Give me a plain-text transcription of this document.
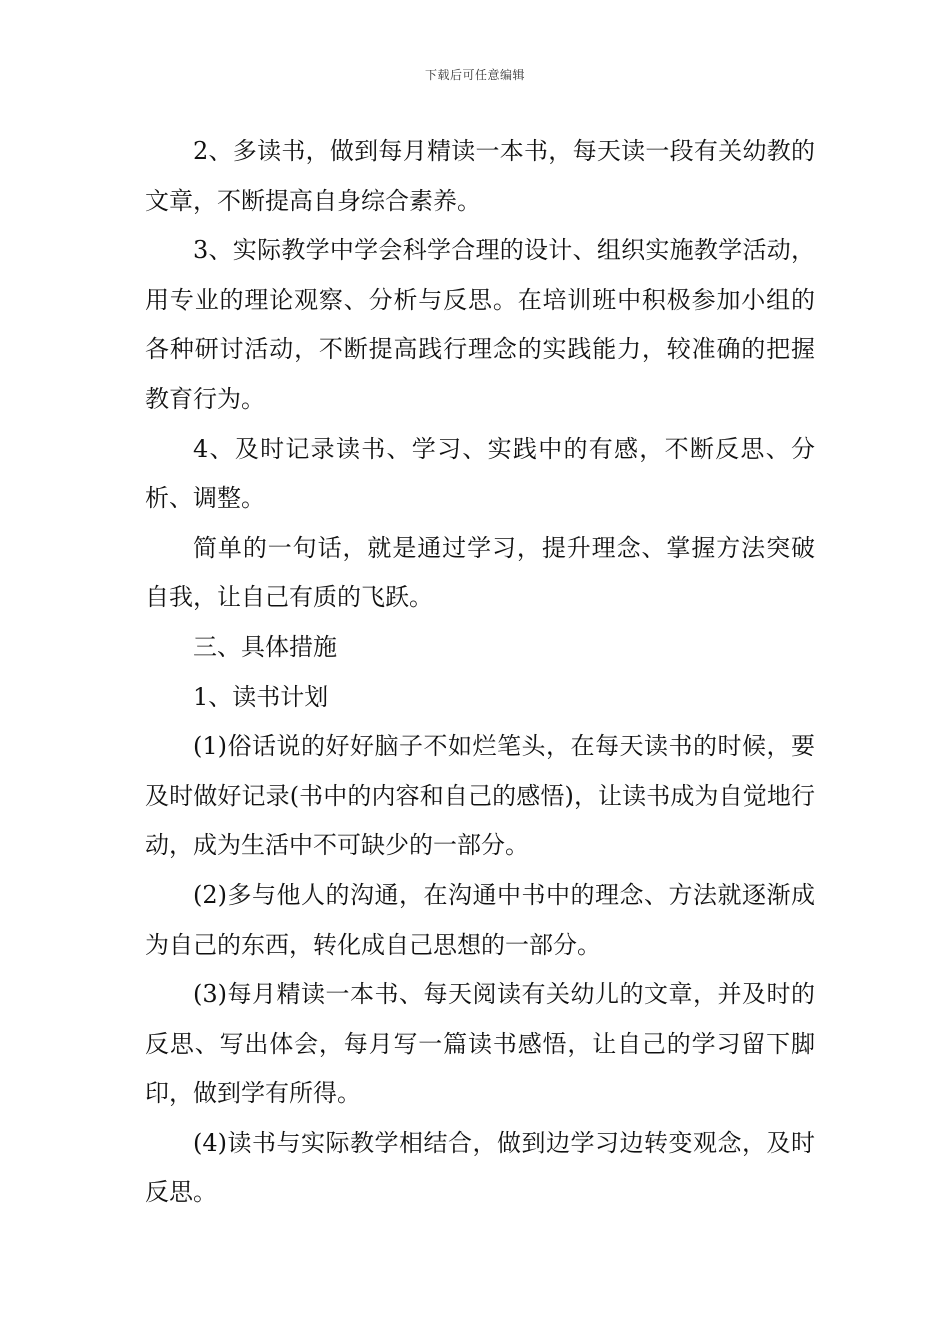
下载后可任意编辑

2、多读书，做到每月精读一本书，每天读一段有关幼教的文章，不断提高自身综合素养。

3、实际教学中学会科学合理的设计、组织实施教学活动，用专业的理论观察、分析与反思。在培训班中积极参加小组的各种研讨活动，不断提高践行理念的实践能力，较准确的把握教育行为。

4、及时记录读书、学习、实践中的有感，不断反思、分析、调整。

简单的一句话，就是通过学习，提升理念、掌握方法突破自我，让自己有质的飞跃。

三、具体措施

1、读书计划

(1)俗话说的好好脑子不如烂笔头，在每天读书的时候，要及时做好记录(书中的内容和自己的感悟)，让读书成为自觉地行动，成为生活中不可缺少的一部分。

(2)多与他人的沟通，在沟通中书中的理念、方法就逐渐成为自己的东西，转化成自己思想的一部分。

(3)每月精读一本书、每天阅读有关幼儿的文章，并及时的反思、写出体会，每月写一篇读书感悟，让自己的学习留下脚印，做到学有所得。

(4)读书与实际教学相结合，做到边学习边转变观念，及时反思。
